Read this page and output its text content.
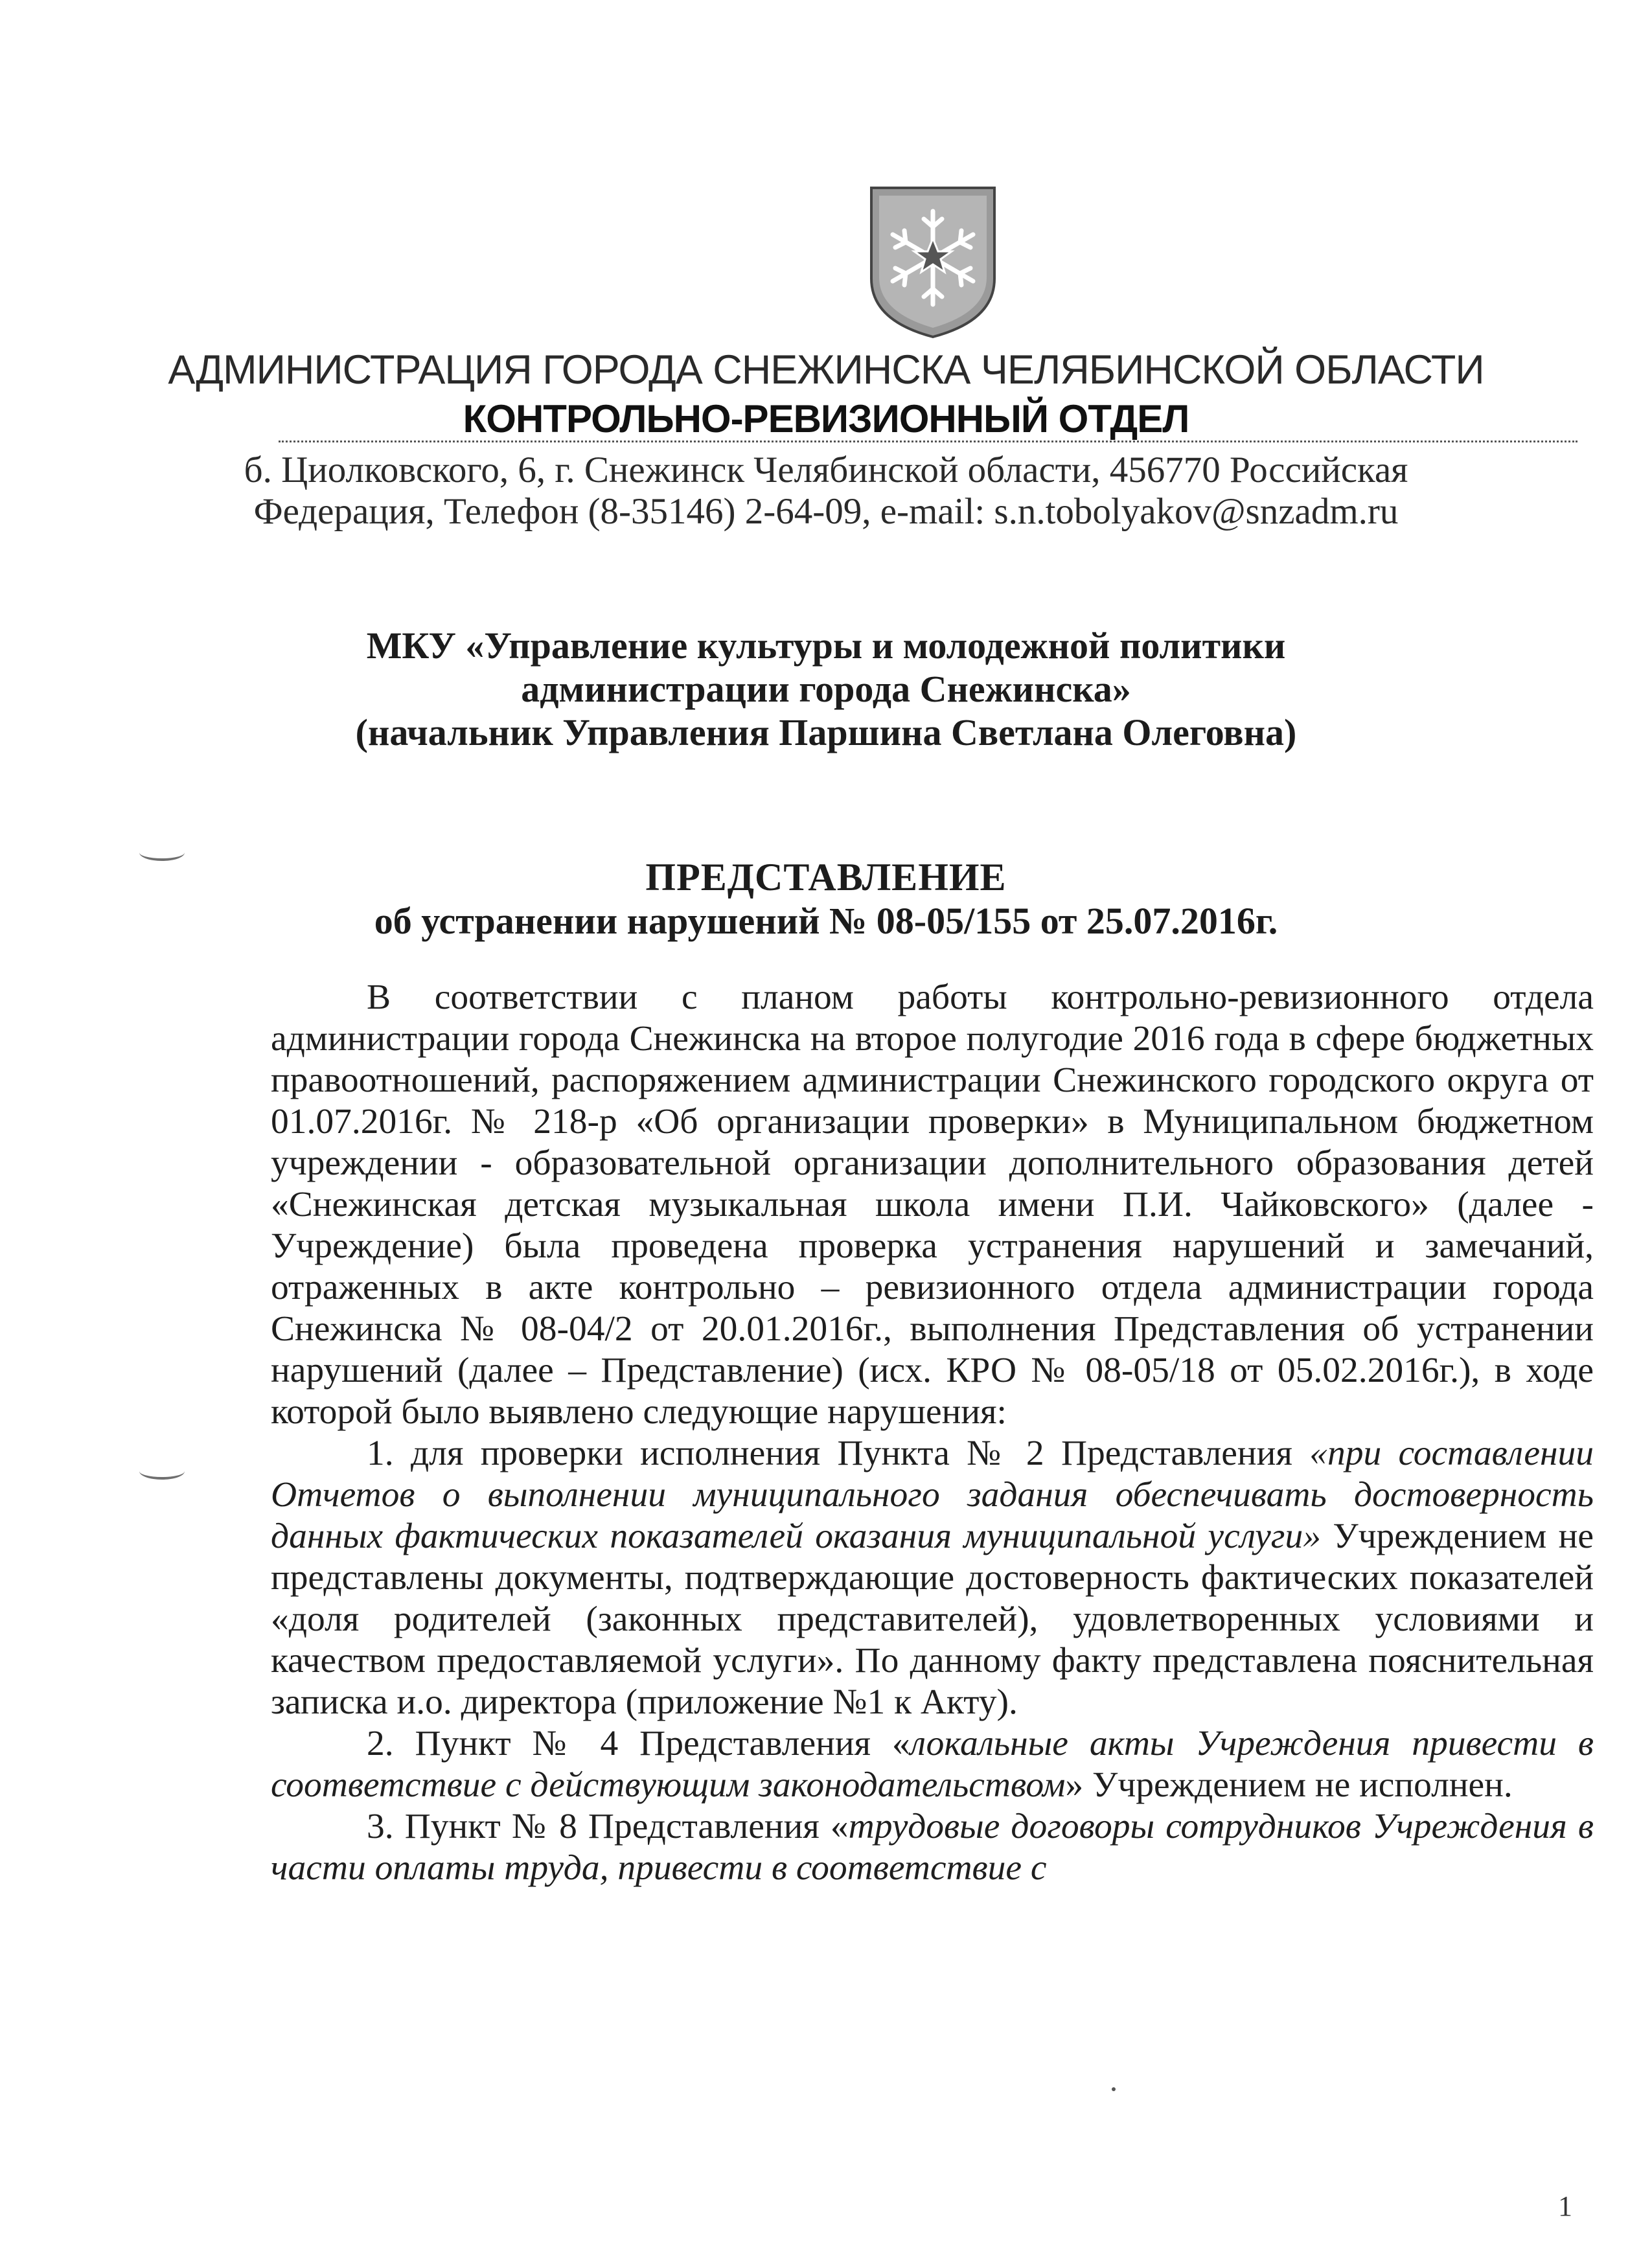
АДМИНИСТРАЦИЯ ГОРОДА СНЕЖИНСКА ЧЕЛЯБИНСКОЙ ОБЛАСТИ
КОНТРОЛЬНО-РЕВИЗИОННЫЙ ОТДЕЛ
б. Циолковского, 6, г. Снежинск Челябинской области, 456770 Российская
Федерация, Телефон (8-35146) 2-64-09, e-mail: s.n.tobolyakov@snzadm.ru
МКУ «Управление культуры и молодежной политики
администрации города Снежинска»
(начальник Управления Паршина Светлана Олеговна)
ПРЕДСТАВЛЕНИЕ
об устранении нарушений № 08-05/155 от 25.07.2016г.

В соответствии с планом работы контрольно-ревизионного отдела администрации города Снежинска на второе полугодие 2016 года в сфере бюджетных правоотношений, распоряжением администрации Снежинского городского округа от 01.07.2016г. № 218-р «Об организации проверки» в Муниципальном бюджетном учреждении - образовательной организации дополнительного образования детей «Снежинская детская музыкальная школа имени П.И. Чайковского» (далее - Учреждение) была проведена проверка устранения нарушений и замечаний, отраженных в акте контрольно – ревизионного отдела администрации города Снежинска № 08-04/2 от 20.01.2016г., выполнения Представления об устранении нарушений (далее – Представление) (исх. КРО № 08-05/18 от 05.02.2016г.), в ходе которой было выявлено следующие нарушения:

1. для проверки исполнения Пункта № 2 Представления «при составлении Отчетов о выполнении муниципального задания обеспечивать достоверность данных фактических показателей оказания муниципальной услуги» Учреждением не представлены документы, подтверждающие достоверность фактических показателей «доля родителей (законных представителей), удовлетворенных условиями и качеством предоставляемой услуги». По данному факту представлена пояснительная записка и.о. директора (приложение №1 к Акту).

2. Пункт № 4 Представления «локальные акты Учреждения привести в соответствие с действующим законодательством» Учреждением не исполнен.

3. Пункт № 8 Представления «трудовые договоры сотрудников Учреждения в части оплаты труда, привести в соответствие с

1
